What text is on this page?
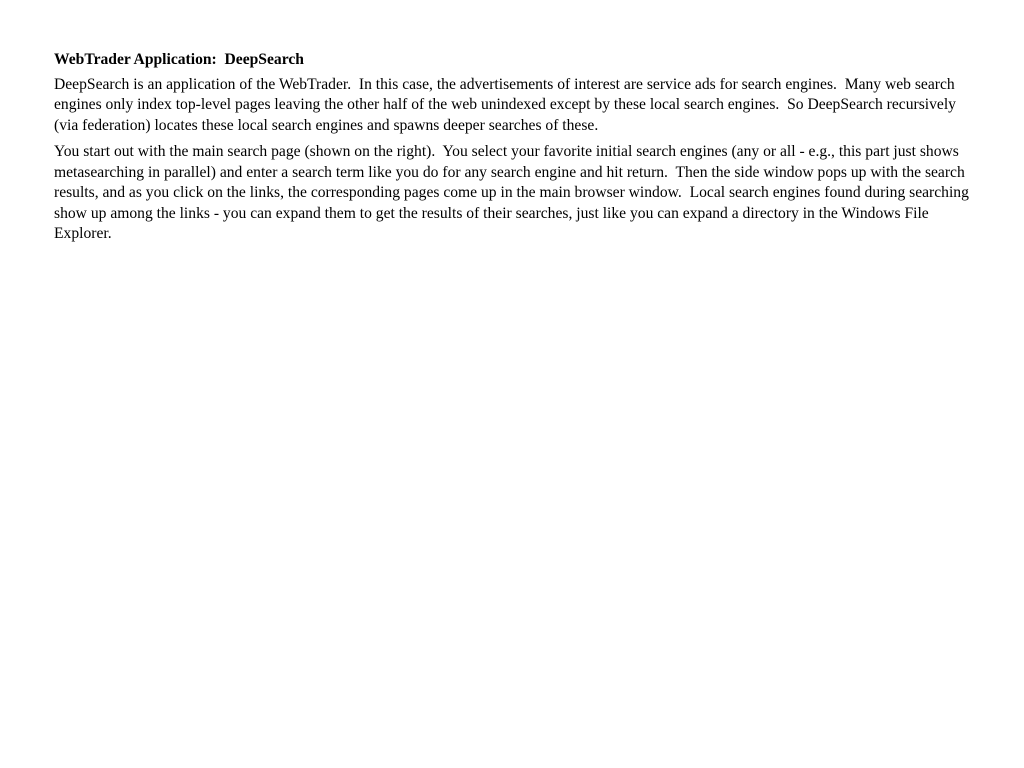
WebTrader Application:  DeepSearch

DeepSearch is an application of the WebTrader.  In this case, the advertisements of interest are service ads for search engines.  Many web search engines only index top-level pages leaving the other half of the web unindexed except by these local search engines.  So DeepSearch recursively (via federation) locates these local search engines and spawns deeper searches of these.

You start out with the main search page (shown on the right).  You select your favorite initial search engines (any or all - e.g., this part just shows metasearching in parallel) and enter a search term like you do for any search engine and hit return.  Then the side window pops up with the search results, and as you click on the links, the corresponding pages come up in the main browser window.  Local search engines found during searching show up among the links - you can expand them to get the results of their searches, just like you can expand a directory in the Windows File Explorer.
